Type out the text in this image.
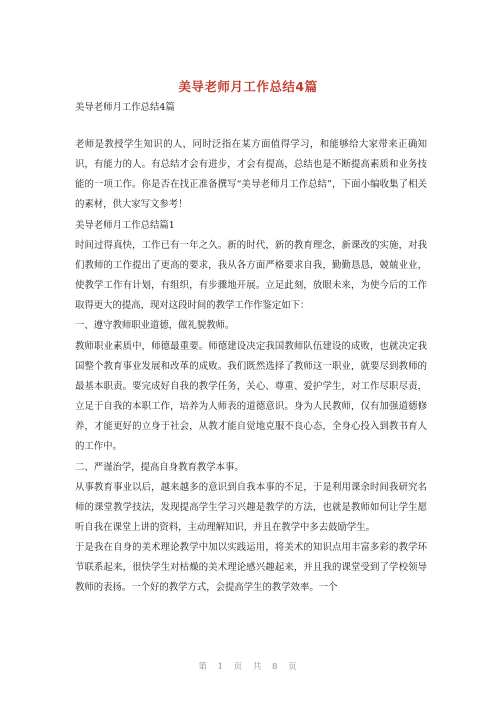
美导老师月工作总结4篇
美导老师月工作总结4篇

老师是教授学生知识的人，同时泛指在某方面值得学习，和能够给大家带来正确知识，有能力的人。有总结才会有进步，才会有提高，总结也是不断提高素质和业务技能的一项工作。你是否在找正准备撰写“美导老师月工作总结”，下面小编收集了相关的素材，供大家写文参考！

美导老师月工作总结篇1

时间过得真快，工作已有一年之久。新的时代，新的教育理念，新课改的实施，对我们教师的工作提出了更高的要求，我从各方面严格要求自我，勤勤恳恳，兢兢业业，使教学工作有计划，有组织，有步骤地开展。立足此刻，放眼未来，为使今后的工作取得更大的提高，现对这段时间的教学工作作鉴定如下：

一、遵守教师职业道德，做礼貌教师。

教师职业素质中，师德最重要。师德建设决定我国教师队伍建设的成败，也就决定我国整个教育事业发展和改革的成败。我们既然选择了教师这一职业，就要尽到教师的最基本职责。要完成好自我的教学任务，关心、尊重、爱护学生，对工作尽职尽责，立足于自我的本职工作，培养为人师表的道德意识。身为人民教师，仅有加强道德修养，才能更好的立身于社会，从教才能自觉地克服不良心态，全身心投入到教书育人的工作中。

二、严谨治学，提高自身教育教学本事。

从事教育事业以后，越来越多的意识到自我本事的不足，于是利用课余时间我研究名师的课堂教学技法，发现提高学生学习兴趣是教学的方法，也就是教师如何让学生愿听自我在课堂上讲的资料，主动理解知识，并且在教学中多去鼓励学生。

于是我在自身的美术理论教学中加以实践运用，将美术的知识点用丰富多彩的教学环节联系起来，很快学生对枯燥的美术理论感兴趣起来，并且我的课堂受到了学校领导教师的表扬。一个好的教学方式，会提高学生的教学效率。一个

第 1 页 共 8 页
